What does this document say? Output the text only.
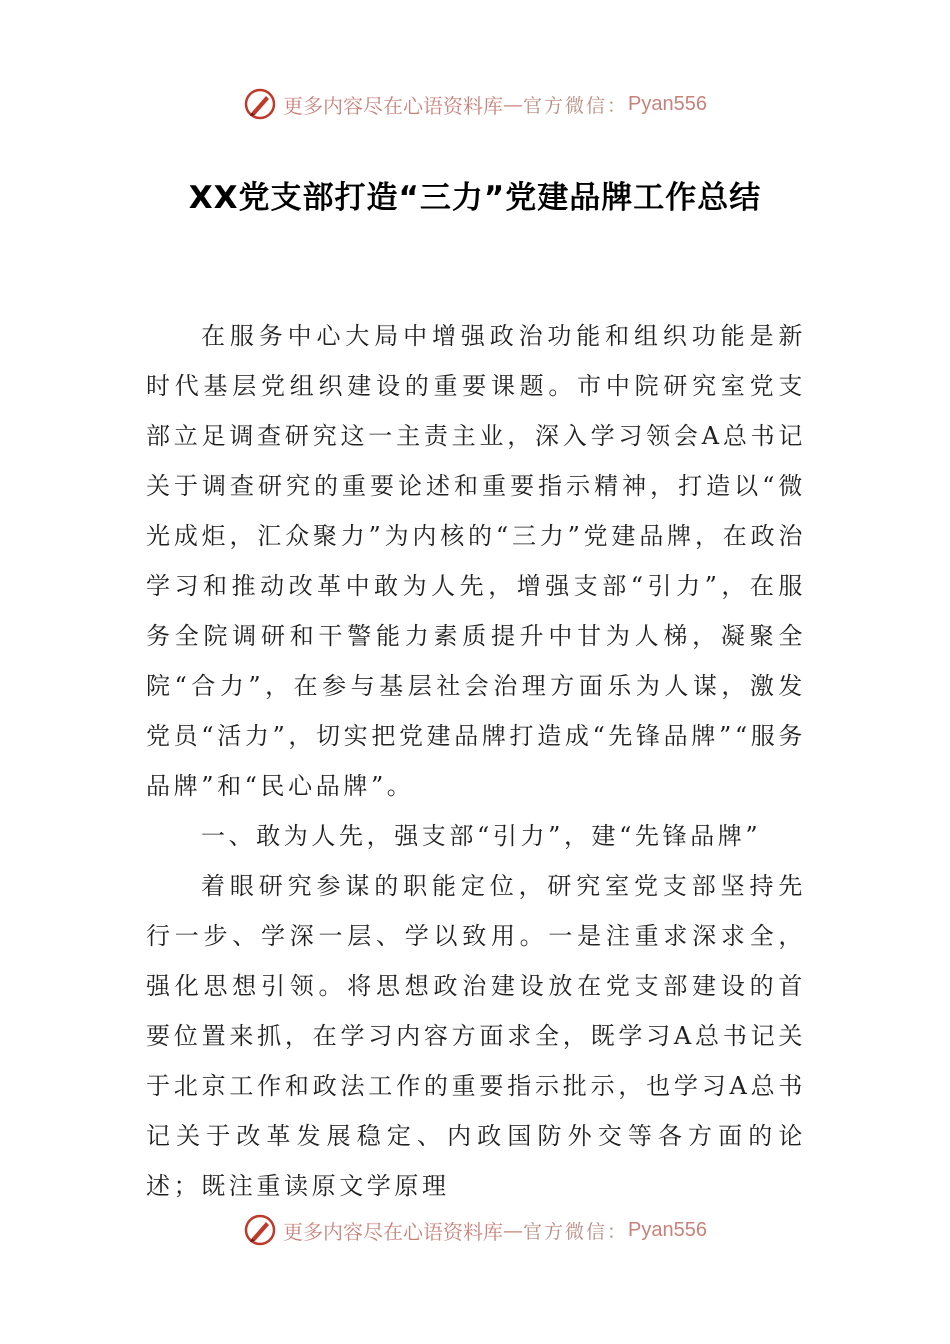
更多内容尽在心语资料库 — 官方微信： Pyan556
XX党支部打造“三力”党建品牌工作总结

在服务中心大局中增强政治功能和组织功能是新时代基层党组织建设的重要课题。市中院研究室党支部立足调查研究这一主责主业，深入学习领会A总书记关于调查研究的重要论述和重要指示精神，打造以“微光成炬，汇众聚力”为内核的“三力”党建品牌，在政治学习和推动改革中敢为人先，增强支部“引力”，在服务全院调研和干警能力素质提升中甘为人梯，凝聚全院“合力”，在参与基层社会治理方面乐为人谋，激发党员“活力”，切实把党建品牌打造成“先锋品牌”“服务品牌”和“民心品牌”。

一、敢为人先，强支部“引力”，建“先锋品牌”

着眼研究参谋的职能定位，研究室党支部坚持先行一步、学深一层、学以致用。一是注重求深求全，强化思想引领。将思想政治建设放在党支部建设的首要位置来抓，在学习内容方面求全，既学习A总书记关于北京工作和政法工作的重要指示批示，也学习A总书记关于改革发展稳定、内政国防外交等各方面的论述；既注重读原文学原理

更多内容尽在心语资料库 — 官方微信： Pyan556
